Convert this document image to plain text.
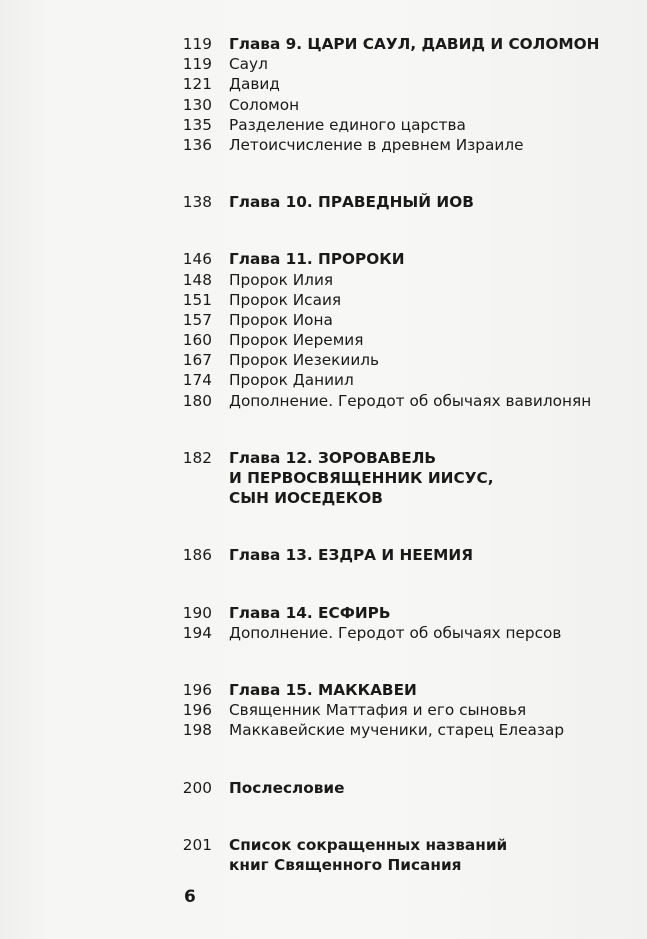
119 Глава 9. ЦАРИ САУЛ, ДАВИД И СОЛОМОН
119 Саул
121 Давид
130 Соломон
135 Разделение единого царства
136 Летоисчисление в древнем Израиле
138 Глава 10. ПРАВЕДНЫЙ ИОВ
146 Глава 11. ПРОРОКИ
148 Пророк Илия
151 Пророк Исаия
157 Пророк Иона
160 Пророк Иеремия
167 Пророк Иезекииль
174 Пророк Даниил
180 Дополнение. Геродот об обычаях вавилонян
182 Глава 12. ЗОРОВАВЕЛЬ
И ПЕРВОСВЯЩЕННИК ИИСУС,
СЫН ИОСЕДЕКОВ
186 Глава 13. ЕЗДРА И НЕЕМИЯ
190 Глава 14. ЕСФИРЬ
194 Дополнение. Геродот об обычаях персов
196 Глава 15. МАККАВЕИ
196 Священник Маттафия и его сыновья
198 Маккавейские мученики, старец Елеазар
200 Послесловие
201 Список сокращенных названий
книг Священного Писания
6
